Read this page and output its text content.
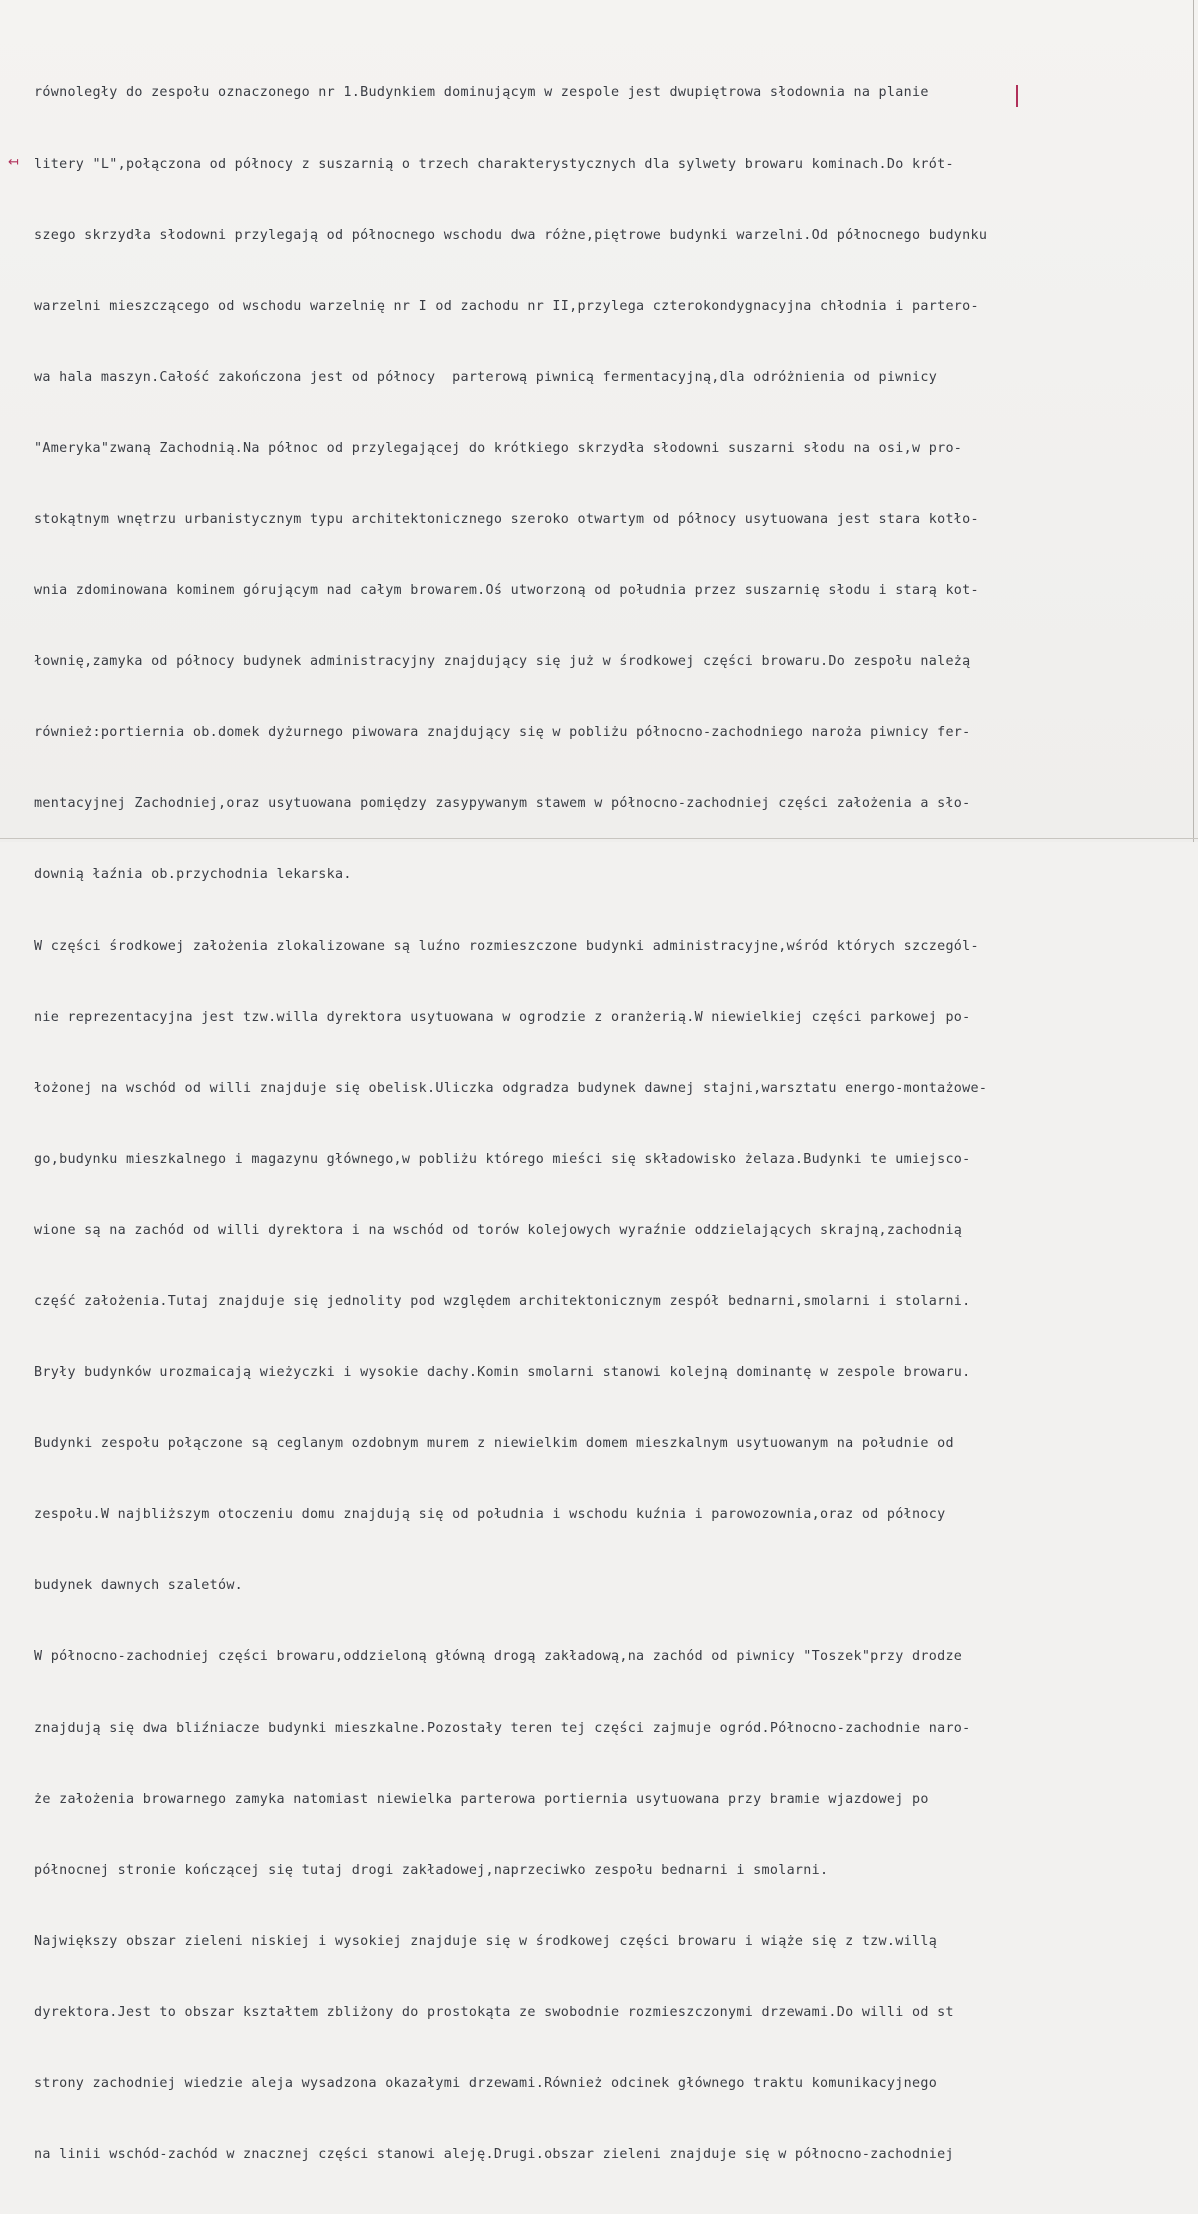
↤

równoległy do zespołu oznaczonego nr 1.Budynkiem dominującym w zespole jest dwupiętrowa słodownia na planie

litery "L",połączona od północy z suszarnią o trzech charakterystycznych dla sylwety browaru kominach.Do krót-

szego skrzydła słodowni przylegają od północnego wschodu dwa różne,piętrowe budynki warzelni.Od północnego budynku

warzelni mieszczącego od wschodu warzelnię nr I od zachodu nr II,przylega czterokondygnacyjna chłodnia i partero-

wa hala maszyn.Całość zakończona jest od północy  parterową piwnicą fermentacyjną,dla odróżnienia od piwnicy

"Ameryka"zwaną Zachodnią.Na północ od przylegającej do krótkiego skrzydła słodowni suszarni słodu na osi,w pro-

stokątnym wnętrzu urbanistycznym typu architektonicznego szeroko otwartym od północy usytuowana jest stara kotło-

wnia zdominowana kominem górującym nad całym browarem.Oś utworzoną od południa przez suszarnię słodu i starą kot-

łownię,zamyka od północy budynek administracyjny znajdujący się już w środkowej części browaru.Do zespołu należą

również:portiernia ob.domek dyżurnego piwowara znajdujący się w pobliżu północno-zachodniego naroża piwnicy fer-

mentacyjnej Zachodniej,oraz usytuowana pomiędzy zasypywanym stawem w północno-zachodniej części założenia a sło-

downią łaźnia ob.przychodnia lekarska.

W części środkowej założenia zlokalizowane są luźno rozmieszczone budynki administracyjne,wśród których szczegól-

nie reprezentacyjna jest tzw.willa dyrektora usytuowana w ogrodzie z oranżerią.W niewielkiej części parkowej po-

łożonej na wschód od willi znajduje się obelisk.Uliczka odgradza budynek dawnej stajni,warsztatu energo-montażowe-

go,budynku mieszkalnego i magazynu głównego,w pobliżu którego mieści się składowisko żelaza.Budynki te umiejsco-

wione są na zachód od willi dyrektora i na wschód od torów kolejowych wyraźnie oddzielających skrajną,zachodnią

część założenia.Tutaj znajduje się jednolity pod względem architektonicznym zespół bednarni,smolarni i stolarni.

Bryły budynków urozmaicają wieżyczki i wysokie dachy.Komin smolarni stanowi kolejną dominantę w zespole browaru.

Budynki zespołu połączone są ceglanym ozdobnym murem z niewielkim domem mieszkalnym usytuowanym na południe od

zespołu.W najbliższym otoczeniu domu znajdują się od południa i wschodu kuźnia i parowozownia,oraz od północy

budynek dawnych szaletów.

W północno-zachodniej części browaru,oddzieloną główną drogą zakładową,na zachód od piwnicy "Toszek"przy drodze

znajdują się dwa bliźniacze budynki mieszkalne.Pozostały teren tej części zajmuje ogród.Północno-zachodnie naro-

że założenia browarnego zamyka natomiast niewielka parterowa portiernia usytuowana przy bramie wjazdowej po

północnej stronie kończącej się tutaj drogi zakładowej,naprzeciwko zespołu bednarni i smolarni.

Największy obszar zieleni niskiej i wysokiej znajduje się w środkowej części browaru i wiąże się z tzw.willą

dyrektora.Jest to obszar kształtem zbliżony do prostokąta ze swobodnie rozmieszczonymi drzewami.Do willi od st

strony zachodniej wiedzie aleja wysadzona okazałymi drzewami.Również odcinek głównego traktu komunikacyjnego

na linii wschód-zachód w znacznej części stanowi aleję.Drugi.obszar zieleni znajduje się w północno-zachodniej
